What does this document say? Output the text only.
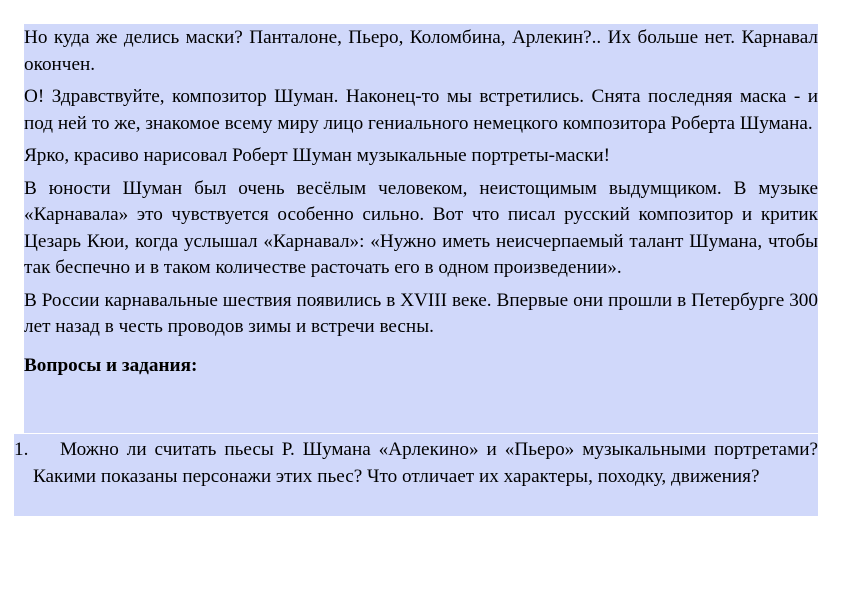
Но куда же делись маски? Панталоне, Пьеро, Коломбина, Арлекин?.. Их больше нет. Карнавал окончен.

О! Здравствуйте, композитор Шуман. Наконец-то мы встретились. Снята последняя маска - и под ней то же, знакомое всему миру лицо гениального немецкого композитора Роберта Шумана.

Ярко, красиво нарисовал Роберт Шуман музыкальные портреты-маски!

В юности Шуман был очень весёлым человеком, неистощимым выдумщиком. В музыке «Карнавала» это чувствуется особенно сильно. Вот что писал русский композитор и критик Цезарь Кюи, когда услышал «Карнавал»: «Нужно иметь неисчерпаемый талант Шумана, чтобы так беспечно и в таком количестве расточать его в одном произведении».

В России карнавальные шествия появились в XVIII веке. Впервые они прошли в Петербурге 300 лет назад в честь проводов зимы и встречи весны.

Вопросы и задания:

1.	Можно ли считать пьесы Р. Шумана «Арлекино» и «Пьеро» музыкальными портретами? Какими показаны персонажи этих пьес? Что отличает их характеры, походку, движения?
